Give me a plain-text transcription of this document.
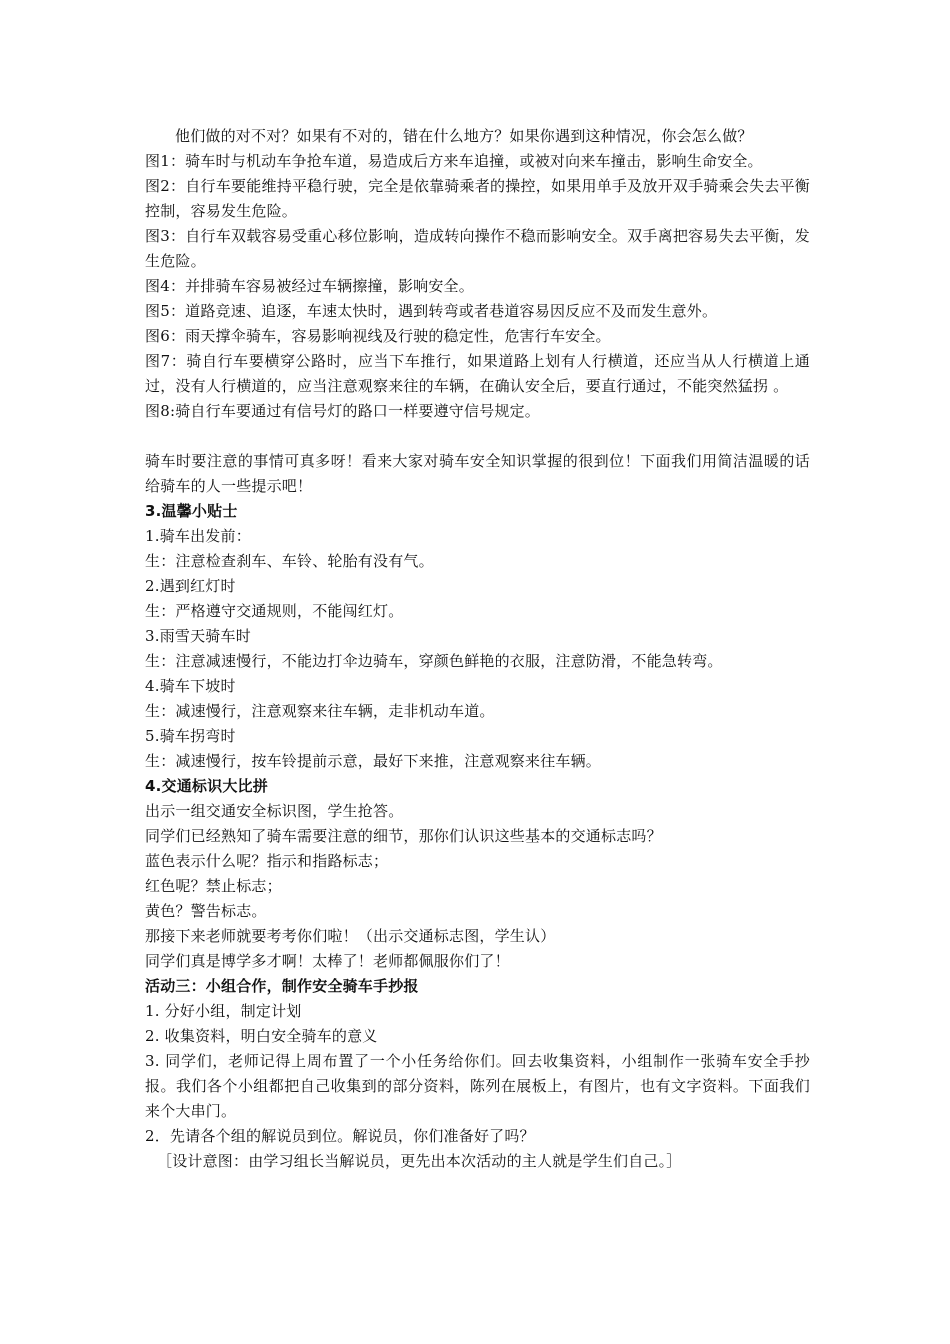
他们做的对不对？如果有不对的，错在什么地方？如果你遇到这种情况，你会怎么做？

图1：骑车时与机动车争抢车道，易造成后方来车追撞，或被对向来车撞击，影响生命安全。

图2：自行车要能维持平稳行驶，完全是依靠骑乘者的操控，如果用单手及放开双手骑乘会失去平衡控制，容易发生危险。

图3：自行车双载容易受重心移位影响，造成转向操作不稳而影响安全。双手离把容易失去平衡，发生危险。

图4：并排骑车容易被经过车辆擦撞，影响安全。

图5：道路竞速、追逐，车速太快时，遇到转弯或者巷道容易因反应不及而发生意外。

图6：雨天撑伞骑车，容易影响视线及行驶的稳定性，危害行车安全。

图7：骑自行车要横穿公路时，应当下车推行，如果道路上划有人行横道，还应当从人行横道上通过，没有人行横道的，应当注意观察来往的车辆，在确认安全后，要直行通过，不能突然猛拐 。

图8:骑自行车要通过有信号灯的路口一样要遵守信号规定。

骑车时要注意的事情可真多呀！看来大家对骑车安全知识掌握的很到位！下面我们用简洁温暖的话给骑车的人一些提示吧！

3.温馨小贴士

1.骑车出发前：

生：注意检查刹车、车铃、轮胎有没有气。

2.遇到红灯时

生：严格遵守交通规则，不能闯红灯。

3.雨雪天骑车时

生：注意减速慢行，不能边打伞边骑车，穿颜色鲜艳的衣服，注意防滑，不能急转弯。

4.骑车下坡时

生：减速慢行，注意观察来往车辆，走非机动车道。

5.骑车拐弯时

生：减速慢行，按车铃提前示意，最好下来推，注意观察来往车辆。

4.交通标识大比拼

出示一组交通安全标识图，学生抢答。

同学们已经熟知了骑车需要注意的细节，那你们认识这些基本的交通标志吗？

蓝色表示什么呢？指示和指路标志；

红色呢？禁止标志；

黄色？警告标志。

那接下来老师就要考考你们啦！（出示交通标志图，学生认）

同学们真是博学多才啊！太棒了！老师都佩服你们了！

活动三：小组合作，制作安全骑车手抄报

1. 分好小组，制定计划

2. 收集资料，明白安全骑车的意义

3. 同学们，老师记得上周布置了一个小任务给你们。回去收集资料，小组制作一张骑车安全手抄报。我们各个小组都把自己收集到的部分资料，陈列在展板上，有图片，也有文字资料。下面我们来个大串门。

2．先请各个组的解说员到位。解说员，你们准备好了吗？

［设计意图：由学习组长当解说员，更先出本次活动的主人就是学生们自己。］
